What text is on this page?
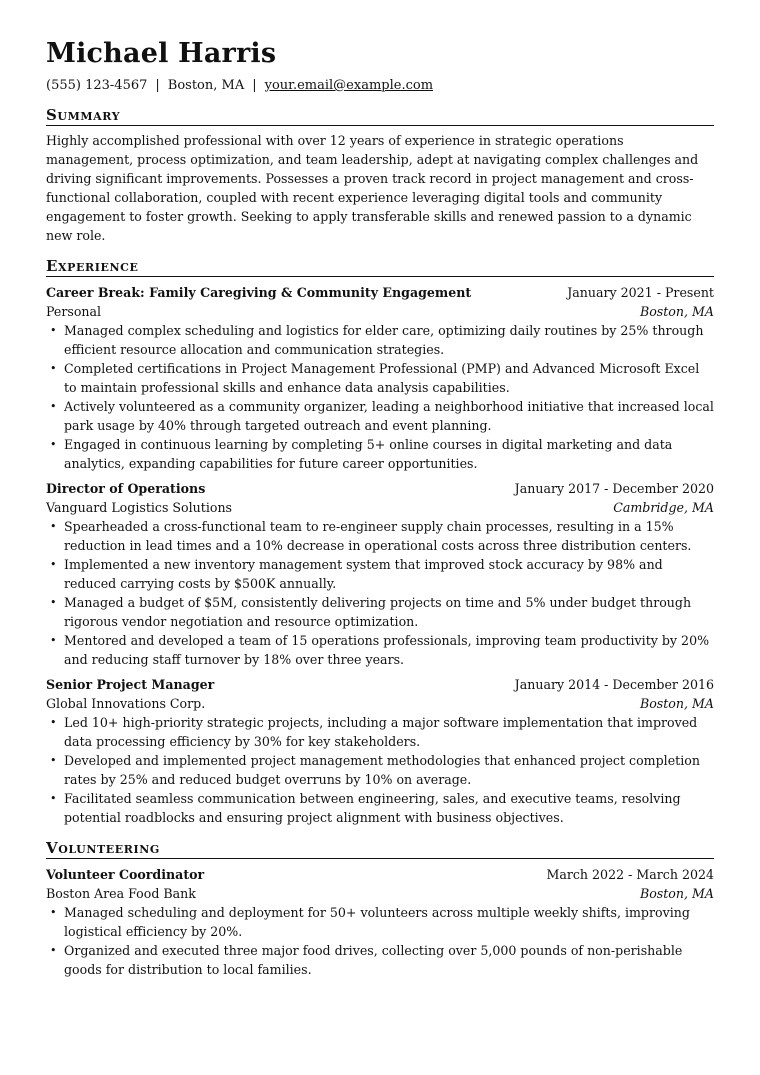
Michael Harris
(555) 123-4567 | Boston, MA | your.email@example.com
Summary
Highly accomplished professional with over 12 years of experience in strategic operations management, process optimization, and team leadership, adept at navigating complex challenges and driving significant improvements. Possesses a proven track record in project management and cross-functional collaboration, coupled with recent experience leveraging digital tools and community engagement to foster growth. Seeking to apply transferable skills and renewed passion to a dynamic new role.
Experience
Career Break: Family Caregiving & Community Engagement	January 2021 - Present
Personal	Boston, MA
• Managed complex scheduling and logistics for elder care, optimizing daily routines by 25% through efficient resource allocation and communication strategies.
• Completed certifications in Project Management Professional (PMP) and Advanced Microsoft Excel to maintain professional skills and enhance data analysis capabilities.
• Actively volunteered as a community organizer, leading a neighborhood initiative that increased local park usage by 40% through targeted outreach and event planning.
• Engaged in continuous learning by completing 5+ online courses in digital marketing and data analytics, expanding capabilities for future career opportunities.
Director of Operations	January 2017 - December 2020
Vanguard Logistics Solutions	Cambridge, MA
• Spearheaded a cross-functional team to re-engineer supply chain processes, resulting in a 15% reduction in lead times and a 10% decrease in operational costs across three distribution centers.
• Implemented a new inventory management system that improved stock accuracy by 98% and reduced carrying costs by $500K annually.
• Managed a budget of $5M, consistently delivering projects on time and 5% under budget through rigorous vendor negotiation and resource optimization.
• Mentored and developed a team of 15 operations professionals, improving team productivity by 20% and reducing staff turnover by 18% over three years.
Senior Project Manager	January 2014 - December 2016
Global Innovations Corp.	Boston, MA
• Led 10+ high-priority strategic projects, including a major software implementation that improved data processing efficiency by 30% for key stakeholders.
• Developed and implemented project management methodologies that enhanced project completion rates by 25% and reduced budget overruns by 10% on average.
• Facilitated seamless communication between engineering, sales, and executive teams, resolving potential roadblocks and ensuring project alignment with business objectives.
Volunteering
Volunteer Coordinator	March 2022 - March 2024
Boston Area Food Bank	Boston, MA
• Managed scheduling and deployment for 50+ volunteers across multiple weekly shifts, improving logistical efficiency by 20%.
• Organized and executed three major food drives, collecting over 5,000 pounds of non-perishable goods for distribution to local families.
